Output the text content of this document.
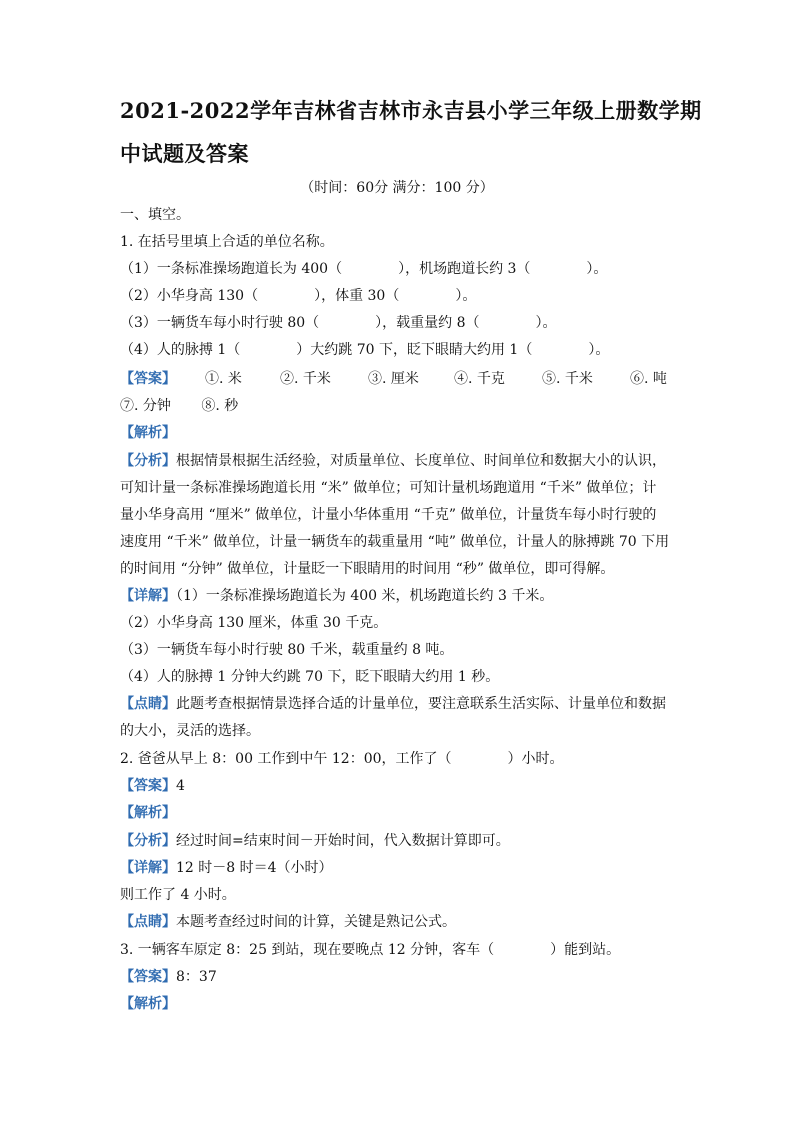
2021-2022学年吉林省吉林市永吉县小学三年级上册数学期
中试题及答案
（时间：60分 满分：100 分）
一、填空。
1. 在括号里填上合适的单位名称。
（1）一条标准操场跑道长为 400（　　　　），机场跑道长约 3（　　　　）。
（2）小华身高 130（　　　　），体重 30（　　　　）。
（3）一辆货车每小时行驶 80（　　　　），载重量约 8（　　　　）。
（4）人的脉搏 1（　　　　）大约跳 70 下，眨下眼睛大约用 1（　　　　）。
【答案】 ①. 米	②. 千米	③. 厘米	④. 千克	⑤. 千米	⑥. 吨
⑦. 分钟 ⑧. 秒
【解析】
【分析】根据情景根据生活经验，对质量单位、长度单位、时间单位和数据大小的认识，
可知计量一条标准操场跑道长用 “米” 做单位；可知计量机场跑道用 “千米” 做单位；计
量小华身高用 “厘米” 做单位，计量小华体重用 “千克” 做单位，计量货车每小时行驶的
速度用 “千米” 做单位，计量一辆货车的载重量用 “吨” 做单位，计量人的脉搏跳 70 下用
的时间用 “分钟” 做单位，计量眨一下眼睛用的时间用 “秒” 做单位，即可得解。
【详解】（1）一条标准操场跑道长为 400 米，机场跑道长约 3 千米。
（2）小华身高 130 厘米，体重 30 千克。
（3）一辆货车每小时行驶 80 千米，载重量约 8 吨。
（4）人的脉搏 1 分钟大约跳 70 下，眨下眼睛大约用 1 秒。
【点睛】此题考查根据情景选择合适的计量单位，要注意联系生活实际、计量单位和数据
的大小，灵活的选择。
2. 爸爸从早上 8：00 工作到中午 12：00，工作了（　　　　）小时。
【答案】4
【解析】
【分析】经过时间=结束时间－开始时间，代入数据计算即可。
【详解】12 时－8 时＝4（小时）
则工作了 4 小时。
【点睛】本题考查经过时间的计算，关键是熟记公式。
3. 一辆客车原定 8：25 到站，现在要晚点 12 分钟，客车（　　　　）能到站。
【答案】8：37
【解析】
